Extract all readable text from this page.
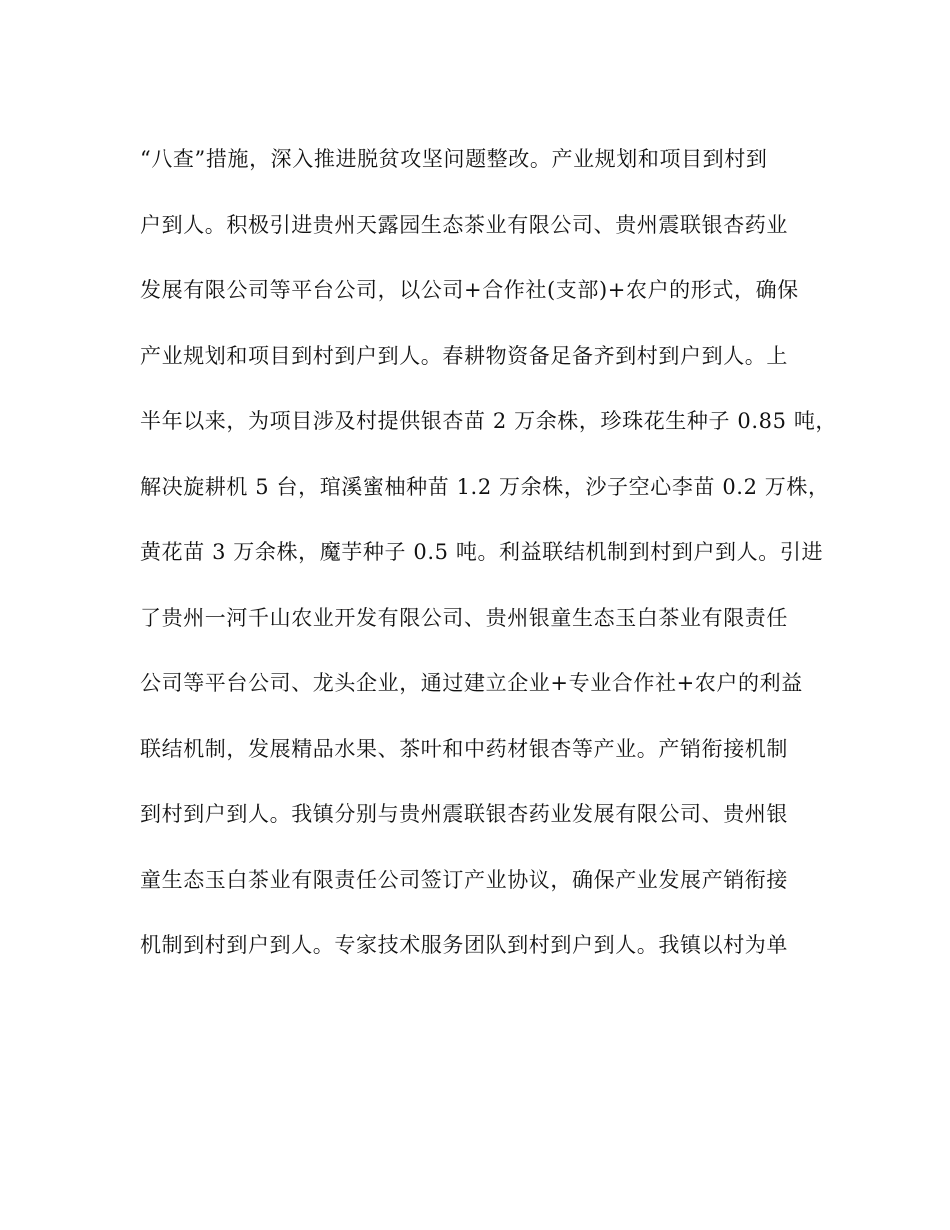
“八查”措施，深入推进脱贫攻坚问题整改。产业规划和项目到村到
户到人。积极引进贵州天露园生态茶业有限公司、贵州震联银杏药业
发展有限公司等平台公司，以公司+合作社(支部)+农户的形式，确保
产业规划和项目到村到户到人。春耕物资备足备齐到村到户到人。上
半年以来，为项目涉及村提供银杏苗 2 万余株，珍珠花生种子 0.85 吨，
解决旋耕机 5 台，琯溪蜜柚种苗 1.2 万余株，沙子空心李苗 0.2 万株，
黄花苗 3 万余株，魔芋种子 0.5 吨。利益联结机制到村到户到人。引进
了贵州一河千山农业开发有限公司、贵州银童生态玉白茶业有限责任
公司等平台公司、龙头企业，通过建立企业+专业合作社+农户的利益
联结机制，发展精品水果、茶叶和中药材银杏等产业。产销衔接机制
到村到户到人。我镇分别与贵州震联银杏药业发展有限公司、贵州银
童生态玉白茶业有限责任公司签订产业协议，确保产业发展产销衔接
机制到村到户到人。专家技术服务团队到村到户到人。我镇以村为单
